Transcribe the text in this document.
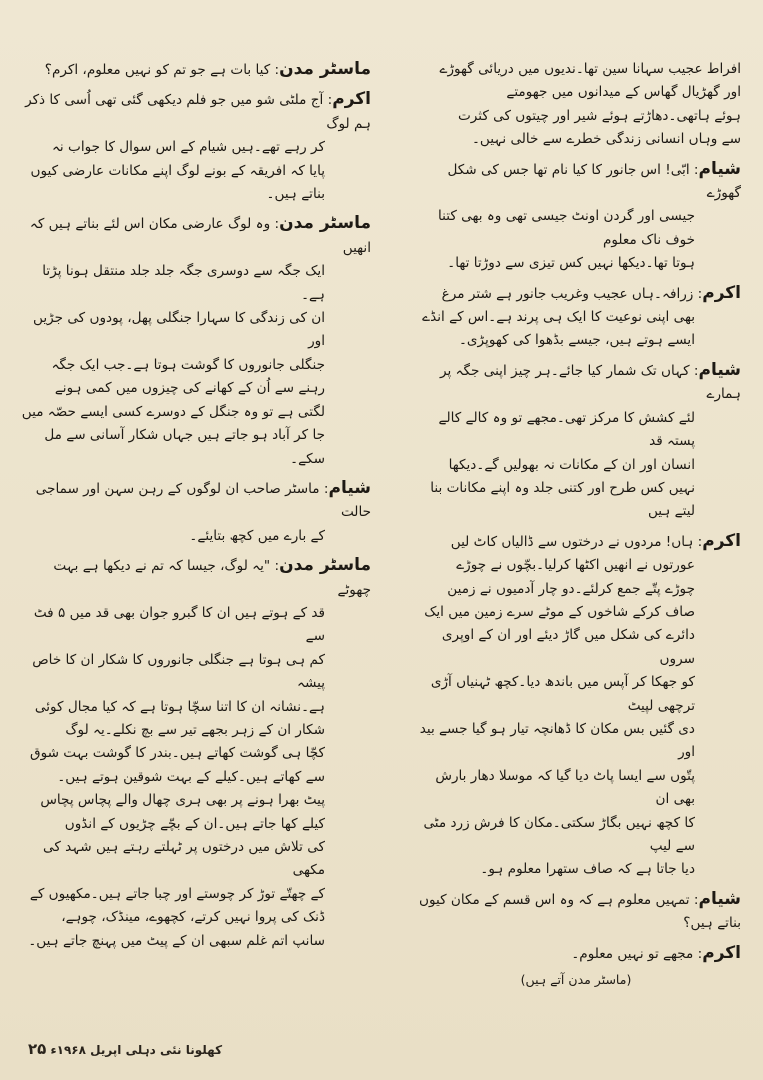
افراط عجیب سہانا سین تھا۔ندیوں میں دریائی گھوڑے
اور گھڑیال گھاس کے میدانوں میں جھومتے
ہوئے ہاتھی۔دھاڑتے ہوئے شیر اور چیتوں کی کثرت
سے وہاں انسانی زندگی خطرے سے خالی نہیں۔
شیام: ابّی! اس جانور کا کیا نام تھا جس کی شکل گھوڑے
جیسی اور گردن اونٹ جیسی تھی وہ بھی کتنا خوف ناک معلوم
ہوتا تھا۔دیکھا نہیں کس تیزی سے دوڑتا تھا۔
اکرم: زرافہ۔ہاں عجیب وغریب جانور ہے شتر مرغ
بھی اپنی نوعیت کا ایک ہی پرند ہے۔اس کے انڈے
ایسے ہوتے ہیں، جیسے بڈھوا کی کھوپڑی۔
شیام: کہاں تک شمار کیا جائے۔ہر چیز اپنی جگہ پر ہمارے
لئے کشش کا مرکز تھی۔مجھے تو وہ کالے کالے پستہ قد
انسان اور ان کے مکانات نہ بھولیں گے۔دیکھا
نہیں کس طرح اور کتنی جلد وہ اپنے مکانات بنا لیتے ہیں
اکرم: ہاں! مردوں نے درختوں سے ڈالیاں کاٹ لیں
عورتوں نے انھیں اکٹھا کرلیا۔بچّوں نے چوڑے
چوڑے پتّے جمع کرلئے۔دو چار آدمیوں نے زمین
صاف کرکے شاخوں کے موٹے سرے زمین میں ایک
دائرے کی شکل میں گاڑ دیئے اور ان کے اوپری سروں
کو جھکا کر آپس میں باندھ دیا۔کچھ ٹہنیاں آڑی ترچھی لپیٹ
دی گئیں بس مکان کا ڈھانچہ تیار ہو گیا جسے بید اور
پتّوں سے ایسا پاٹ دیا گیا کہ موسلا دھار بارش بھی ان
کا کچھ نہیں بگاڑ سکتی۔مکان کا فرش زرد مٹی سے لیپ
دیا جاتا ہے کہ صاف ستھرا معلوم ہو۔
شیام: تمہیں معلوم ہے کہ وہ اس قسم کے مکان کیوں بناتے ہیں؟
اکرم: مجھے تو نہیں معلوم۔
(ماسٹر مدن آتے ہیں)
ماسٹر مدن: کیا بات ہے جو تم کو نہیں معلوم، اکرم؟
اکرم: آج ملٹی شو میں جو فلم دیکھی گئی تھی اُسی کا ذکر ہم لوگ
کر رہے تھے۔ہیں شیام کے اس سوال کا جواب نہ
پایا کہ افریقہ کے بونے لوگ اپنے مکانات عارضی کیوں
بناتے ہیں۔
ماسٹر مدن: وہ لوگ عارضی مکان اس لئے بناتے ہیں کہ انھیں
ایک جگہ سے دوسری جگہ جلد جلد منتقل ہونا پڑتا ہے۔
ان کی زندگی کا سہارا جنگلی پھل، پودوں کی جڑیں اور
جنگلی جانوروں کا گوشت ہوتا ہے۔جب ایک جگہ
رہنے سے اُن کے کھانے کی چیزوں میں کمی ہونے
لگتی ہے تو وہ جنگل کے دوسرے کسی ایسے حصّہ میں
جا کر آباد ہو جاتے ہیں جہاں شکار آسانی سے مل سکے۔
شیام: ماسٹر صاحب ان لوگوں کے رہن سہن اور سماجی حالت
کے بارے میں کچھ بتایئے۔
ماسٹر مدن: "یہ لوگ، جیسا کہ تم نے دیکھا ہے بہت چھوٹے
قد کے ہوتے ہیں ان کا گبرو جوان بھی قد میں ۵ فٹ سے
کم ہی ہوتا ہے جنگلی جانوروں کا شکار ان کا خاص پیشہ
ہے۔نشانہ ان کا اتنا سچّا ہوتا ہے کہ کیا مجال کوئی
شکار ان کے زہر بجھے تیر سے بچ نکلے۔یہ لوگ
کچّا ہی گوشت کھاتے ہیں۔بندر کا گوشت بہت شوق
سے کھاتے ہیں۔کیلے کے بہت شوقین ہوتے ہیں۔
پیٹ بھرا ہونے پر بھی ہری چھال والے پچاس پچاس
کیلے کھا جاتے ہیں۔ان کے بچّے چڑیوں کے انڈوں
کی تلاش میں درختوں پر ٹہلتے رہتے ہیں شہد کی مکھی
کے چھتّے توڑ کر چوستے اور چبا جاتے ہیں۔مکھیوں کے
ڈنک کی پروا نہیں کرتے، کچھوے، مینڈک، چوہے،
سانپ اتم غلم سبھی ان کے پیٹ میں پہنچ جاتے ہیں۔
کھلونا نئی دہلی اپریل ۱۹۶۸ء ۲۵
